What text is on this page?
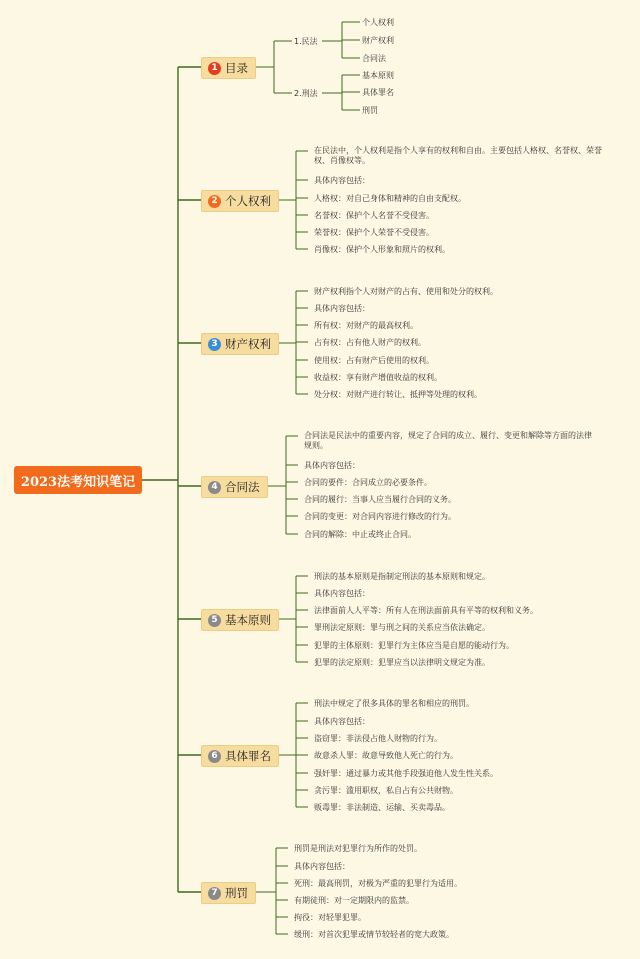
2023法考知识笔记
1 目录
2 个人权利
3 财产权利
4 合同法
5 基本原则
6 具体罪名
7 刑罚
1.民法
个人权利
财产权利
合同法
2.刑法
基本原则
具体罪名
刑罚
在民法中，个人权利是指个人享有的权利和自由。主要包括人格权、名誉权、荣誉权、肖像权等。
具体内容包括：
人格权：对自己身体和精神的自由支配权。
名誉权：保护个人名誉不受侵害。
荣誉权：保护个人荣誉不受侵害。
肖像权：保护个人形象和照片的权利。
财产权利指个人对财产的占有、使用和处分的权利。
具体内容包括：
所有权：对财产的最高权利。
占有权：占有他人财产的权利。
使用权：占有财产后使用的权利。
收益权：享有财产增值收益的权利。
处分权：对财产进行转让、抵押等处理的权利。
合同法是民法中的重要内容，规定了合同的成立、履行、变更和解除等方面的法律规则。
具体内容包括：
合同的要件：合同成立的必要条件。
合同的履行：当事人应当履行合同的义务。
合同的变更：对合同内容进行修改的行为。
合同的解除：中止或终止合同。
刑法的基本原则是指制定刑法的基本原则和规定。
具体内容包括：
法律面前人人平等：所有人在刑法面前具有平等的权利和义务。
罪刑法定原则：罪与刑之间的关系应当依法确定。
犯罪的主体原则：犯罪行为主体应当是自愿的能动行为。
犯罪的法定原则：犯罪应当以法律明文规定为准。
刑法中规定了很多具体的罪名和相应的刑罚。
具体内容包括：
盗窃罪：非法侵占他人财物的行为。
故意杀人罪：故意导致他人死亡的行为。
强奸罪：通过暴力或其他手段强迫他人发生性关系。
贪污罪：滥用职权，私自占有公共财物。
贩毒罪：非法制造、运输、买卖毒品。
刑罚是刑法对犯罪行为所作的处罚。
具体内容包括：
死刑：最高刑罚，对极为严重的犯罪行为适用。
有期徒刑：对一定期限内的监禁。
拘役：对轻罪犯罪。
缓刑：对首次犯罪或情节较轻者的宽大政策。
